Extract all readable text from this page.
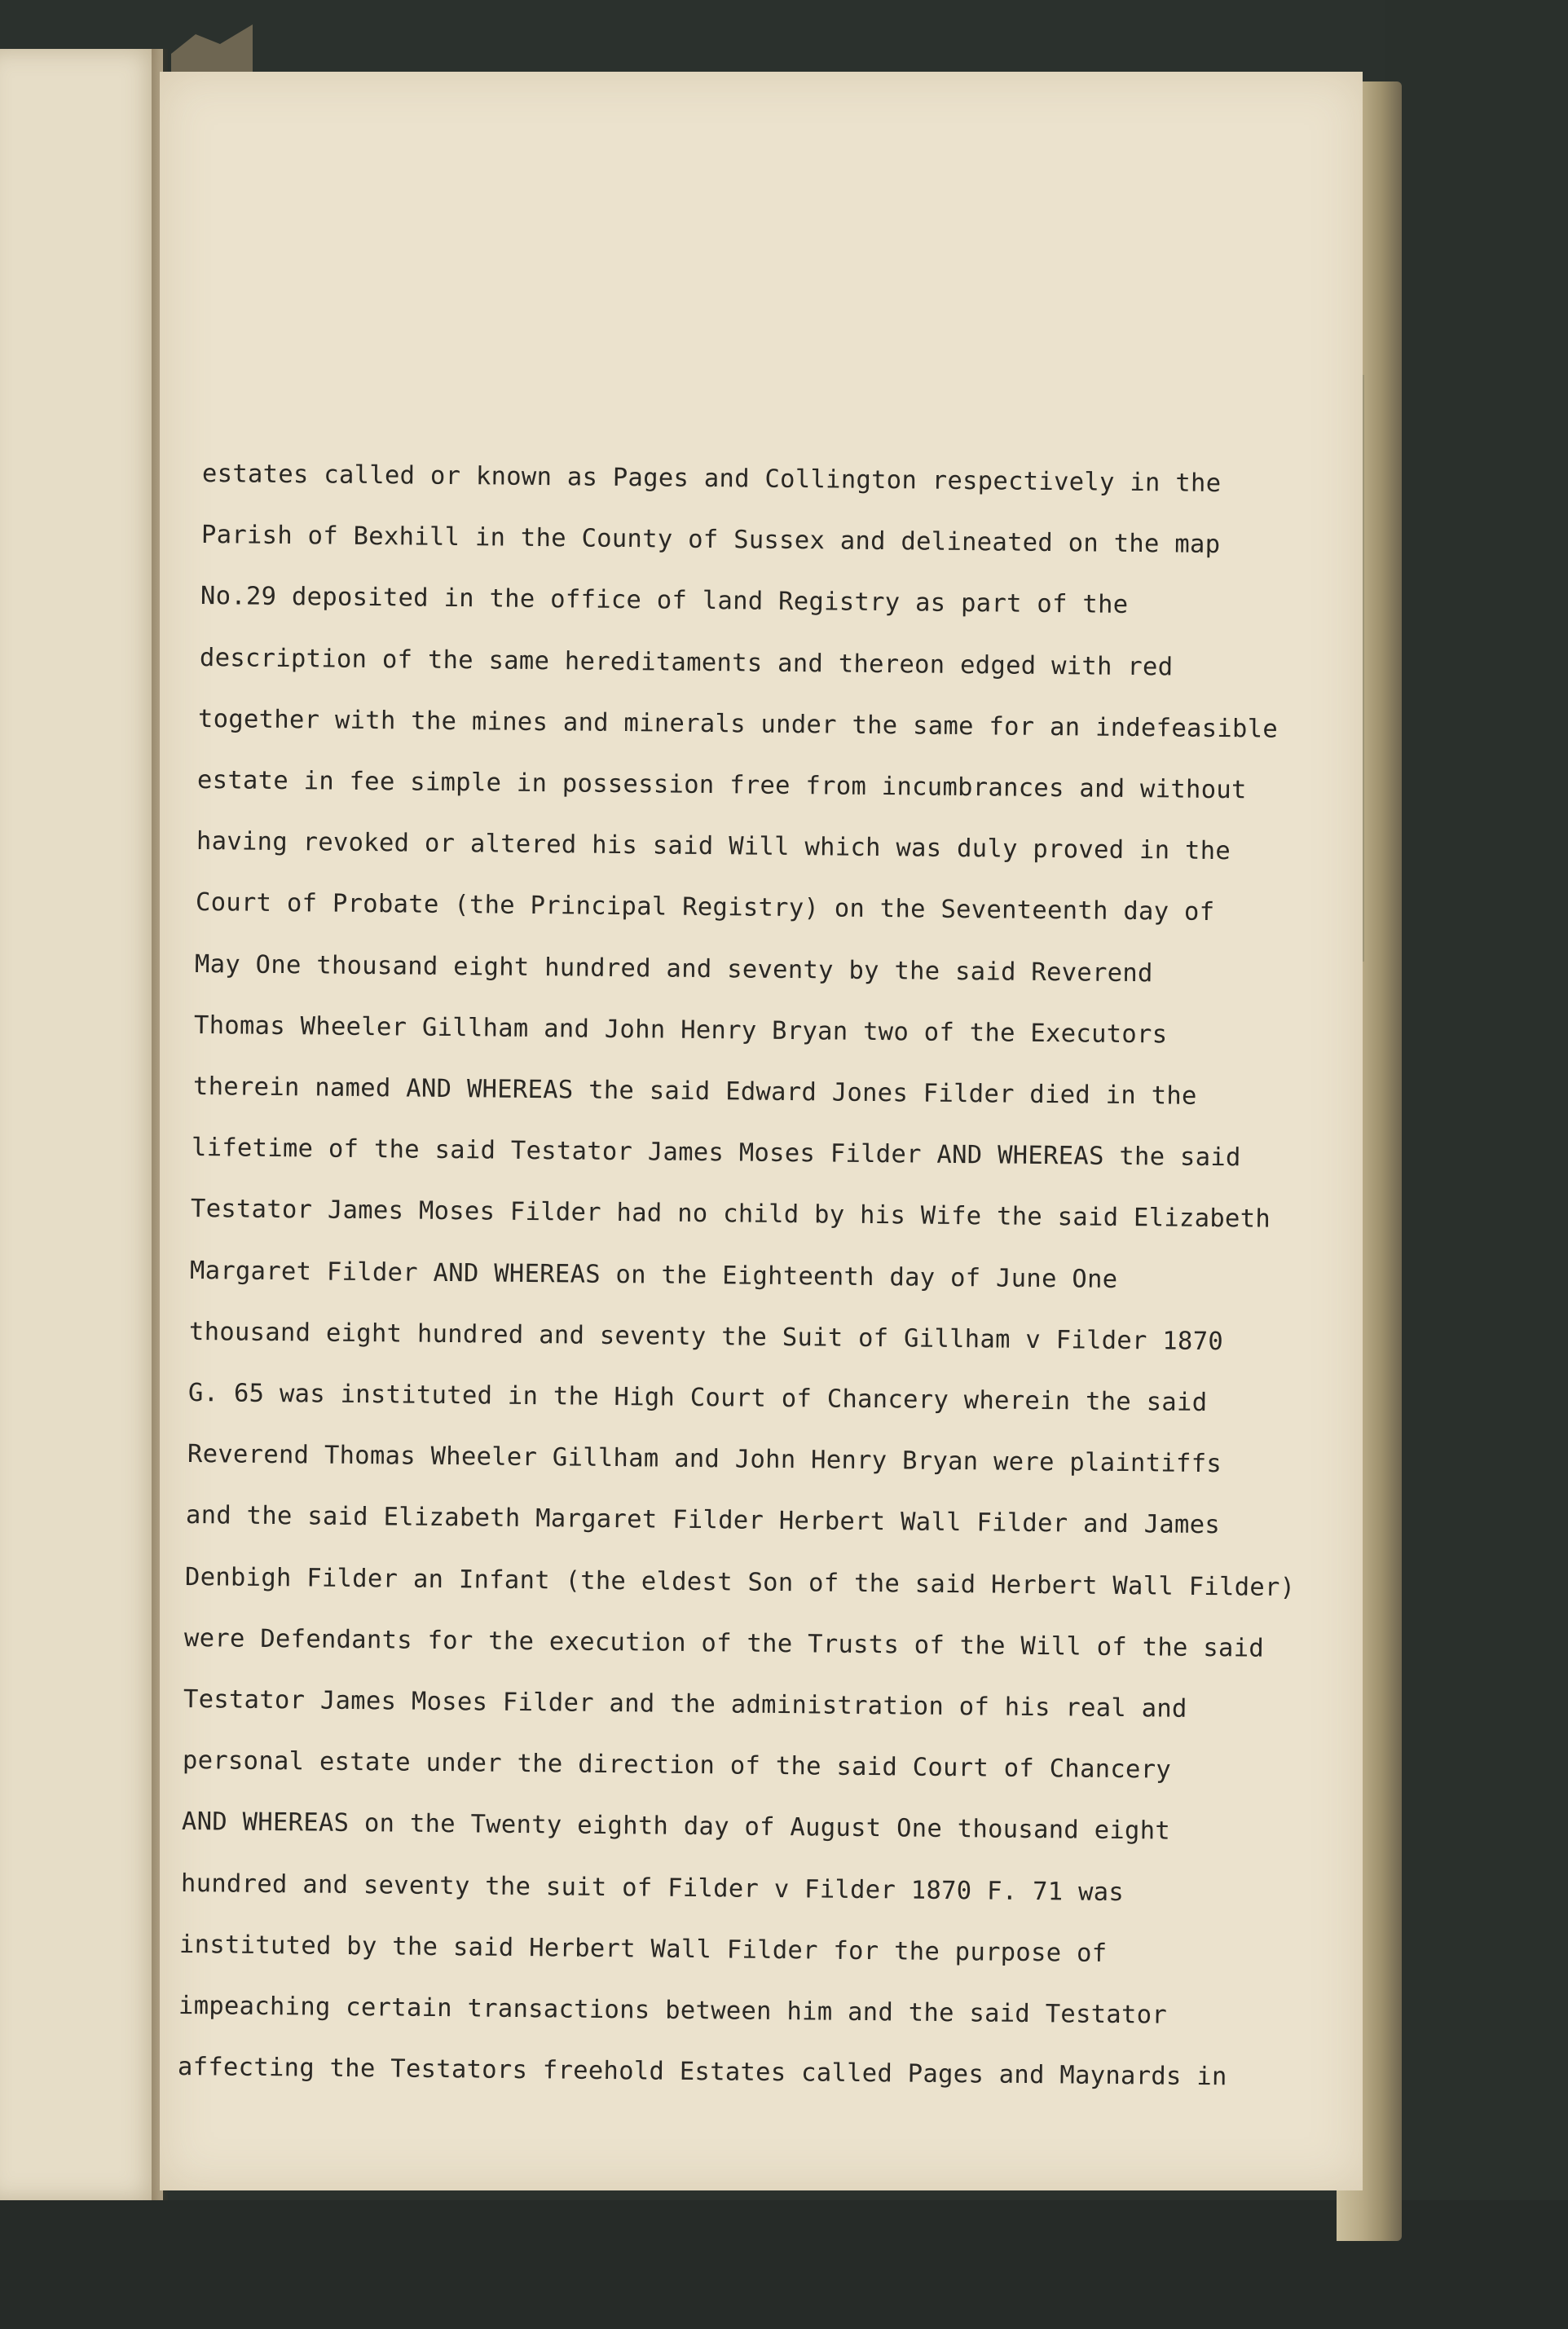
estates called or known as Pages and Collington respectively in the
Parish of Bexhill in the County of Sussex and delineated on the map
No.29 deposited in the office of land Registry as part of the
description of the same hereditaments and thereon edged with red
together with the mines and minerals under the same for an indefeasible
estate in fee simple in possession free from incumbrances and without
having revoked or altered his said Will which was duly proved in the
Court of Probate (the Principal Registry) on the Seventeenth day of
May One thousand eight hundred and seventy by the said Reverend
Thomas Wheeler Gillham and John Henry Bryan two of the Executors
therein named AND WHEREAS the said Edward Jones Filder died in the
lifetime of the said Testator James Moses Filder AND WHEREAS the said
Testator James Moses Filder had no child by his Wife the said Elizabeth
Margaret Filder AND WHEREAS on the Eighteenth day of June One
thousand eight hundred and seventy the Suit of Gillham v Filder 1870
G. 65 was instituted in the High Court of Chancery wherein the said
Reverend Thomas Wheeler Gillham and John Henry Bryan were plaintiffs
and the said Elizabeth Margaret Filder Herbert Wall Filder and James
Denbigh Filder an Infant (the eldest Son of the said Herbert Wall Filder)
were Defendants for the execution of the Trusts of the Will of the said
Testator James Moses Filder and the administration of his real and
personal estate under the direction of the said Court of Chancery
AND WHEREAS on the Twenty eighth day of August One thousand eight
hundred and seventy the suit of Filder v Filder 1870 F. 71 was
instituted by the said Herbert Wall Filder for the purpose of
impeaching certain transactions between him and the said Testator
affecting the Testators freehold Estates called Pages and Maynards in
